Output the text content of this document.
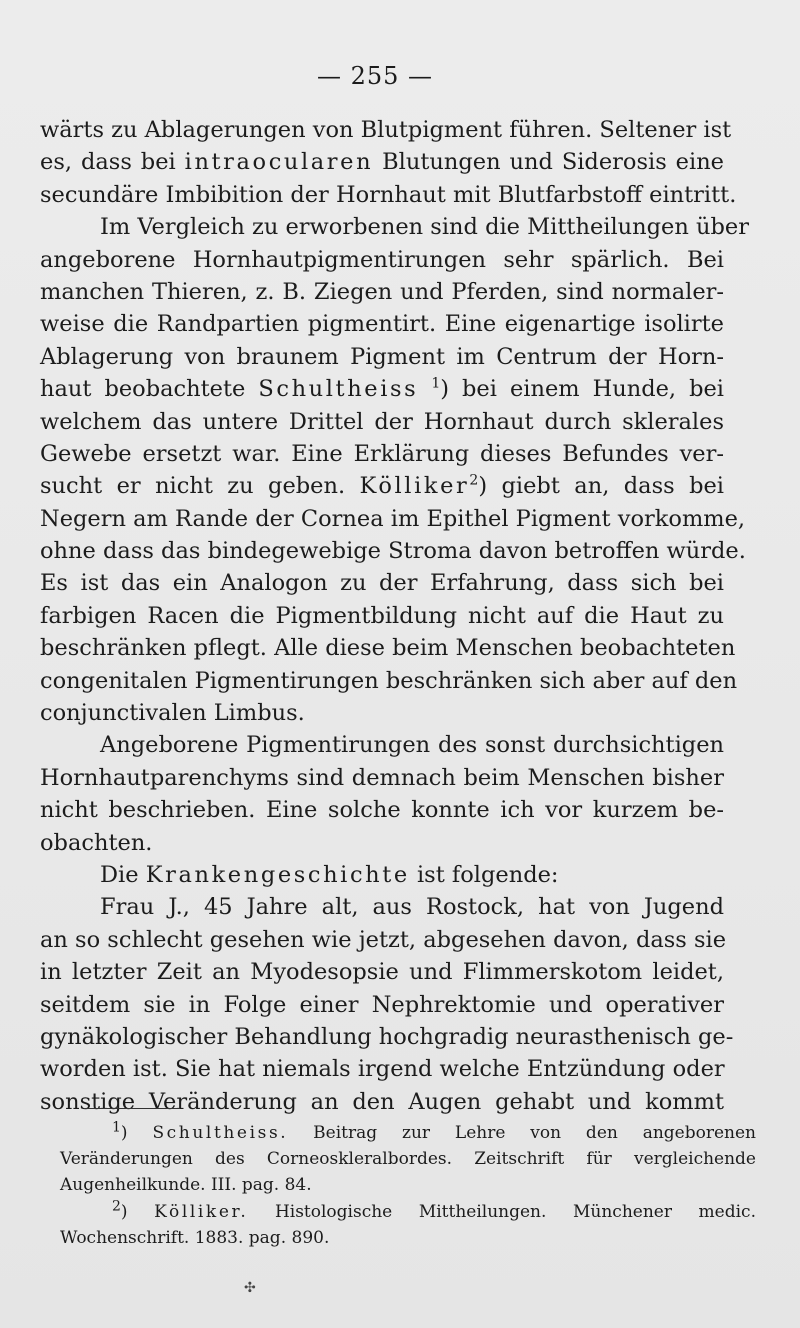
— 255 —
wärts zu Ablagerungen von Blutpigment führen. Seltener ist
es, dass bei intraocularen Blutungen und Siderosis eine
secundäre Imbibition der Hornhaut mit Blutfarbstoff eintritt.
Im Vergleich zu erworbenen sind die Mittheilungen über
angeborene Hornhautpigmentirungen sehr spärlich. Bei
manchen Thieren, z. B. Ziegen und Pferden, sind normaler-
weise die Randpartien pigmentirt. Eine eigenartige isolirte
Ablagerung von braunem Pigment im Centrum der Horn-
haut beobachtete Schultheiss $^1$) bei einem Hunde, bei
welchem das untere Drittel der Hornhaut durch sklerales
Gewebe ersetzt war. Eine Erklärung dieses Befundes ver-
sucht er nicht zu geben. Kölliker$^2$) giebt an, dass bei
Negern am Rande der Cornea im Epithel Pigment vorkomme,
ohne dass das bindegewebige Stroma davon betroffen würde.
Es ist das ein Analogon zu der Erfahrung, dass sich bei
farbigen Racen die Pigmentbildung nicht auf die Haut zu
beschränken pflegt. Alle diese beim Menschen beobachteten
congenitalen Pigmentirungen beschränken sich aber auf den
conjunctivalen Limbus.
Angeborene Pigmentirungen des sonst durchsichtigen
Hornhautparenchyms sind demnach beim Menschen bisher
nicht beschrieben. Eine solche konnte ich vor kurzem be-
obachten.
Die Krankengeschichte ist folgende:
Frau J., 45 Jahre alt, aus Rostock, hat von Jugend
an so schlecht gesehen wie jetzt, abgesehen davon, dass sie
in letzter Zeit an Myodesopsie und Flimmerskotom leidet,
seitdem sie in Folge einer Nephrektomie und operativer
gynäkologischer Behandlung hochgradig neurasthenisch ge-
worden ist. Sie hat niemals irgend welche Entzündung oder
sonstige Veränderung an den Augen gehabt und kommt
$^1$) Schultheiss. Beitrag zur Lehre von den angeborenen
Veränderungen des Corneoskleralbordes. Zeitschrift für vergleichende
Augenheilkunde. III. pag. 84.
$^2$) Kölliker. Histologische Mittheilungen. Münchener medic.
Wochenschrift. 1883. pag. 890.
✣
